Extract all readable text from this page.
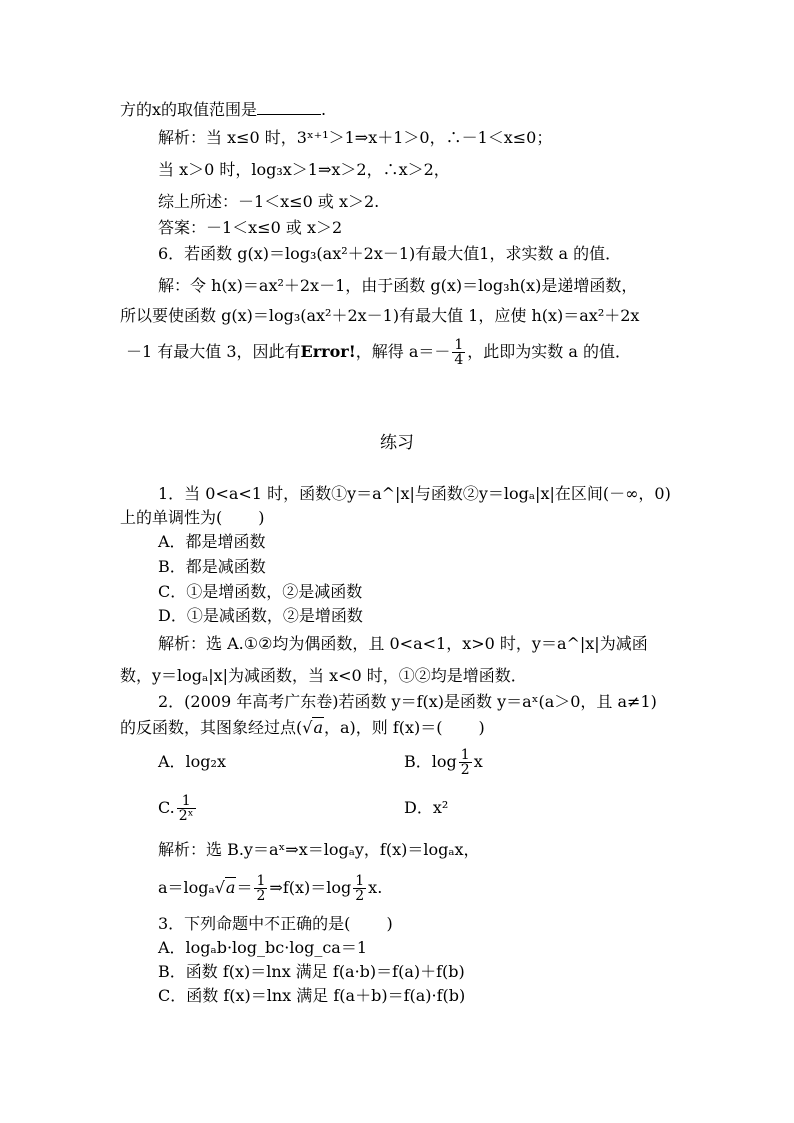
方的x的取值范围是	.
解析：当 x≤0 时，3ˣ⁺¹＞1⇒x＋1＞0，∴－1＜x≤0；
当 x＞0 时，log₃x＞1⇒x＞2，∴x＞2，
综上所述：－1＜x≤0 或 x＞2.
答案：－1＜x≤0 或 x＞2
6．若函数 g(x)＝log₃(ax²＋2x－1)有最大值1，求实数 a 的值．
解：令 h(x)＝ax²＋2x－1，由于函数 g(x)＝log₃h(x)是递增函数，
所以要使函数 g(x)＝log₃(ax²＋2x－1)有最大值 1，应使 h(x)＝ax²＋2x
－1 有最大值 3，因此有Error!，解得 $a=- \frac{1}{4}$ ，此即为实数 a 的值．
练习
1．当 0<a<1 时，函数①y＝a^|x|与函数②y＝logₐ|x|在区间(－∞，0)
上的单调性为( )
A．都是增函数
B．都是减函数
C．①是增函数，②是减函数
D．①是减函数，②是增函数
解析：选 A.①②均为偶函数，且 0<a<1，x>0 时，y＝a^|x|为减函
数，y＝logₐ|x|为减函数，当 x<0 时，①②均是增函数．
2．(2009 年高考广东卷)若函数 y＝f(x)是函数 y＝aˣ(a＞0，且 a≠1)
的反函数，其图象经过点(√a，a)，则 f(x)＝( )
A．log₂x	B．$\log \frac{1}{2}$ x
C. $\frac{1}{\text{2ˣ}}$	D．x²
解析：选 B.y＝aˣ⇒x＝logₐy，f(x)＝logₐx，
$a=\log_a√a= \frac{1}{2}$ ⇒f(x)＝log $\frac{1}{2} x$.
3．下列命题中不正确的是( )
A．logₐb·log_bc·log_ca＝1
B．函数 f(x)＝lnx 满足 f(a·b)＝f(a)＋f(b)
C．函数 f(x)＝lnx 满足 f(a＋b)＝f(a)·f(b)
